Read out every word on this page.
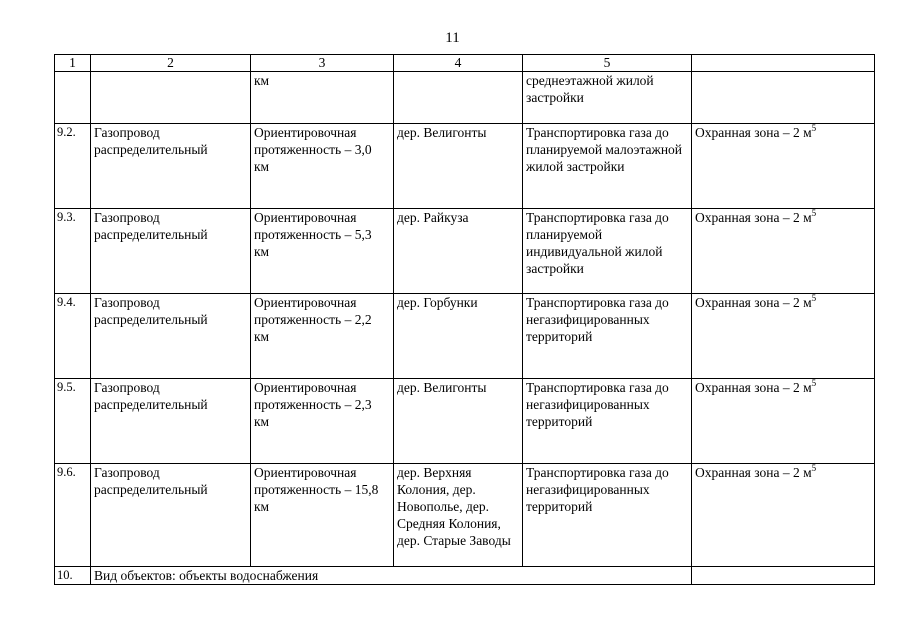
11
1	2	3	4	5	
		км		среднеэтажной жилой застройки	
9.2.	Газопровод распределительный	Ориентировочная протяженность – 3,0 км	дер. Велигонты	Транспортировка газа до планируемой малоэтажной жилой застройки	Охранная зона – 2 $м^5$
9.3.	Газопровод распределительный	Ориентировочная протяженность – 5,3 км	дер. Райкуза	Транспортировка газа до планируемой индивидуальной жилой застройки	Охранная зона – 2 $м^5$
9.4.	Газопровод распределительный	Ориентировочная протяженность – 2,2 км	дер. Горбунки	Транспортировка газа до негазифицированных территорий	Охранная зона – 2 $м^5$
9.5.	Газопровод распределительный	Ориентировочная протяженность – 2,3 км	дер. Велигонты	Транспортировка газа до негазифицированных территорий	Охранная зона – 2 $м^5$
9.6.	Газопровод распределительный	Ориентировочная протяженность – 15,8 км	дер. Верхняя Колония, дер. Новополье, дер. Средняя Колония, дер. Старые Заводы	Транспортировка газа до негазифицированных территорий	Охранная зона – 2 $м^5$
10.	Вид объектов: объекты водоснабжения				
